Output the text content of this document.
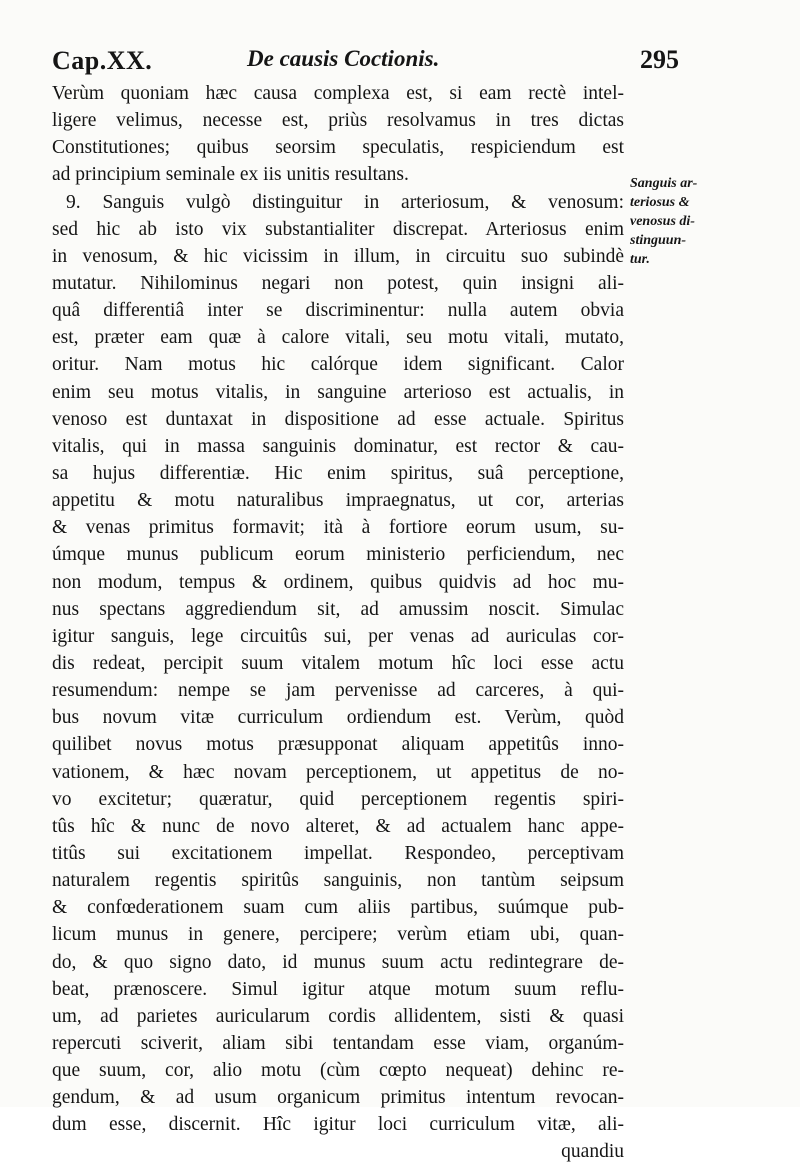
Cap.XX.	De causis Coctionis.	295
Verùm quoniam hæc causa complexa est, si eam rectè intel-
ligere velimus, necesse est, priùs resolvamus in tres dictas
Constitutiones; quibus seorsim speculatis, respiciendum est
ad principium seminale ex iis unitis resultans.
9. Sanguis vulgò distinguitur in arteriosum, & venosum:
sed hic ab isto vix substantialiter discrepat. Arteriosus enim
in venosum, & hic vicissim in illum, in circuitu suo subindè
mutatur. Nihilominus negari non potest, quin insigni ali-
quâ differentiâ inter se discriminentur: nulla autem obvia
est, præter eam quæ à calore vitali, seu motu vitali, mutato,
oritur. Nam motus hic calórque idem significant. Calor
enim seu motus vitalis, in sanguine arterioso est actualis, in
venoso est duntaxat in dispositione ad esse actuale. Spiritus
vitalis, qui in massa sanguinis dominatur, est rector & cau-
sa hujus differentiæ. Hic enim spiritus, suâ perceptione,
appetitu & motu naturalibus impraegnatus, ut cor, arterias
& venas primitus formavit; ità à fortiore eorum usum, su-
úmque munus publicum eorum ministerio perficiendum, nec
non modum, tempus & ordinem, quibus quidvis ad hoc mu-
nus spectans aggrediendum sit, ad amussim noscit. Simulac
igitur sanguis, lege circuitûs sui, per venas ad auriculas cor-
dis redeat, percipit suum vitalem motum hîc loci esse actu
resumendum: nempe se jam pervenisse ad carceres, à qui-
bus novum vitæ curriculum ordiendum est. Verùm, quòd
quilibet novus motus præsupponat aliquam appetitûs inno-
vationem, & hæc novam perceptionem, ut appetitus de no-
vo excitetur; quæratur, quid perceptionem regentis spiri-
tûs hîc & nunc de novo alteret, & ad actualem hanc appe-
titûs sui excitationem impellat. Respondeo, perceptivam
naturalem regentis spiritûs sanguinis, non tantùm seipsum
& confœderationem suam cum aliis partibus, suúmque pub-
licum munus in genere, percipere; verùm etiam ubi, quan-
do, & quo signo dato, id munus suum actu redintegrare de-
beat, prænoscere. Simul igitur atque motum suum reflu-
um, ad parietes auricularum cordis allidentem, sisti & quasi
repercuti sciverit, aliam sibi tentandam esse viam, organúm-
que suum, cor, alio motu (cùm cœpto nequeat) dehinc re-
gendum, & ad usum organicum primitus intentum revocan-
dum esse, discernit. Hîc igitur loci curriculum vitæ, ali-
quandiu
Sanguis ar-
teriosus &
venosus di-
stinguun-
tur.
